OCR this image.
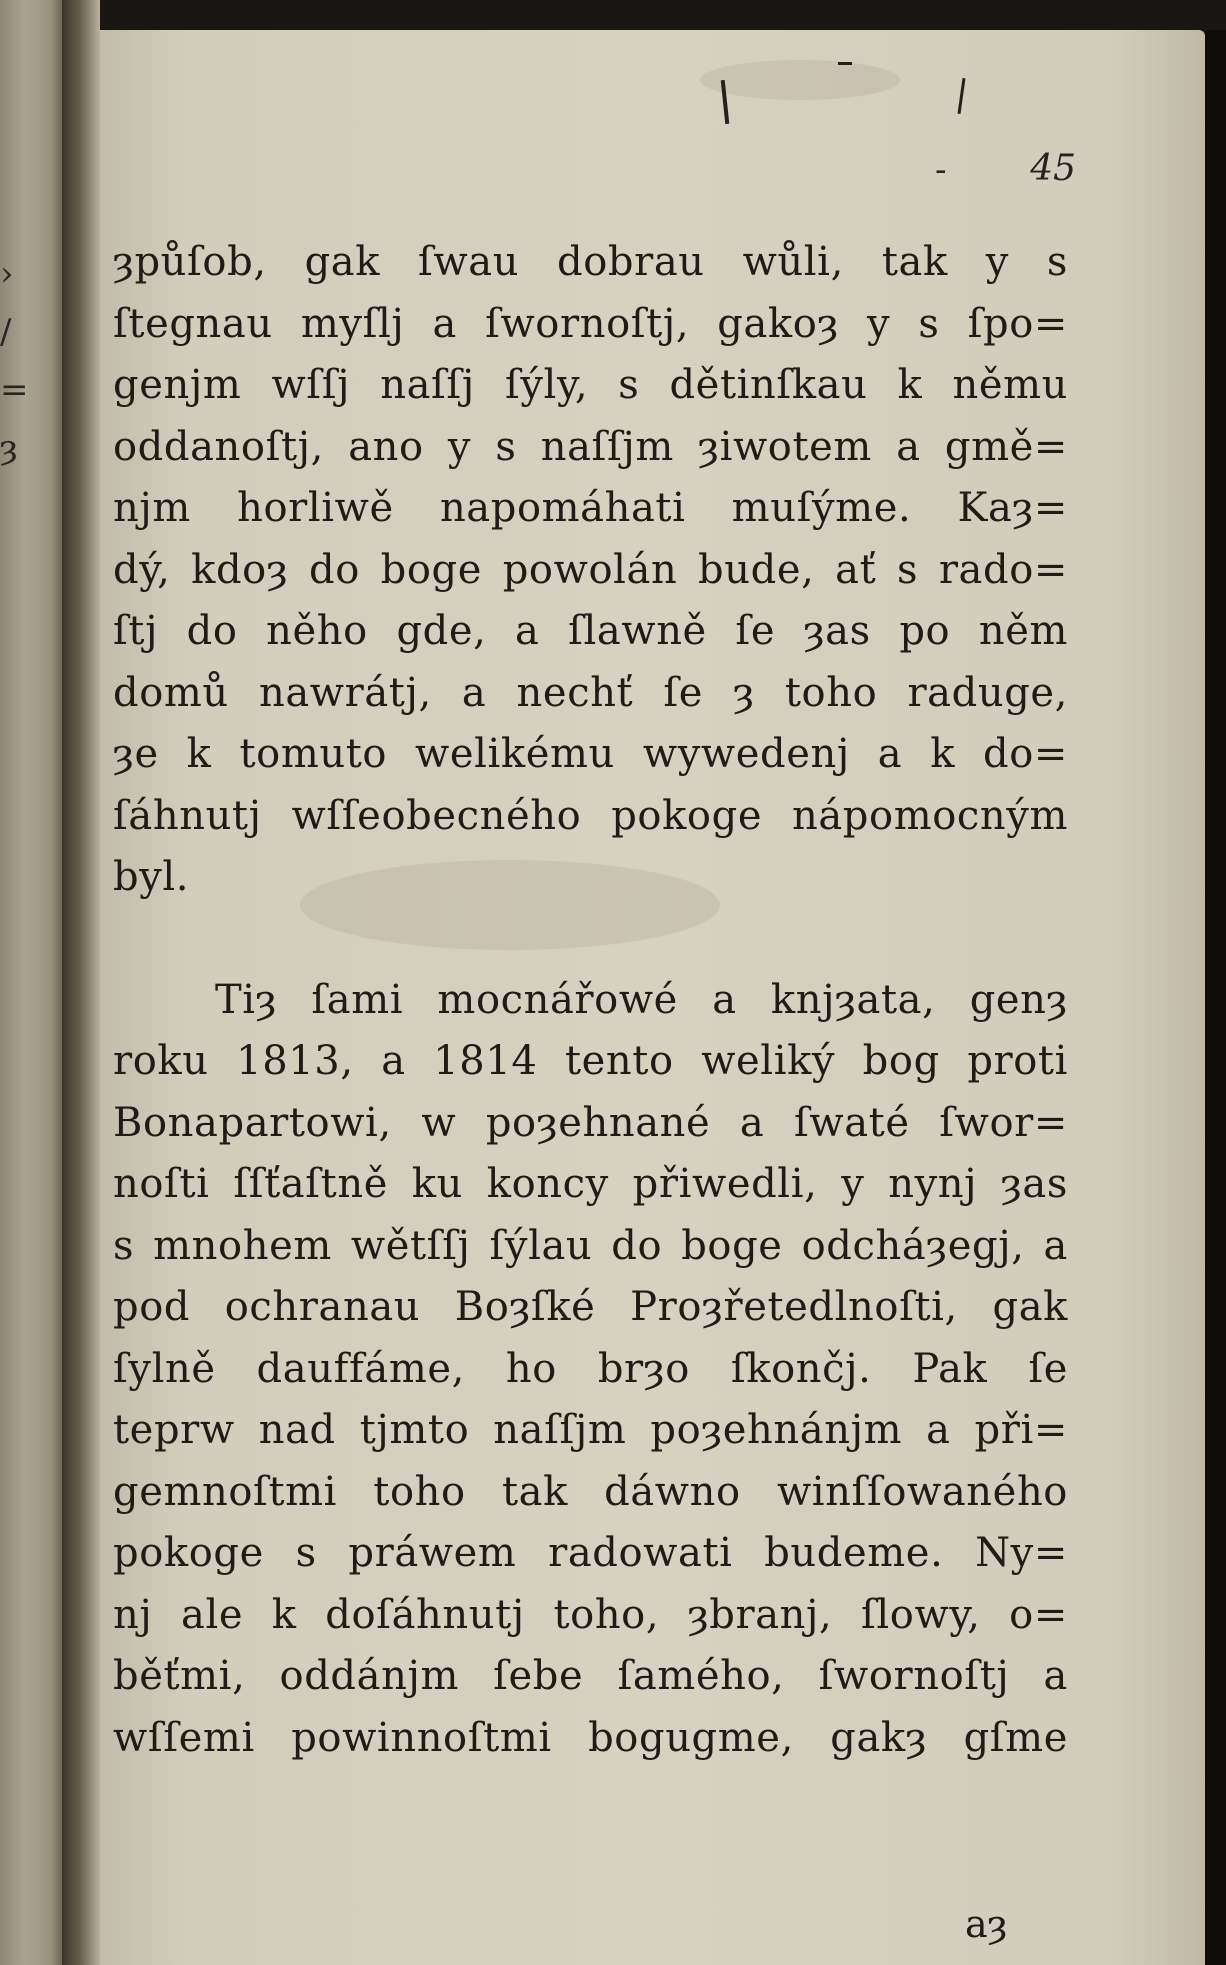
›
/
=
ȝ
- 45

ȝpůſob, gak ſwau dobrau wůli, tak y s
ſtegnau myſlj a ſwornoſtj, gakoȝ y s ſpo=
genjm wſſj naſſj ſýly, s dětinſkau k němu
oddanoſtj, ano y s naſſjm ȝiwotem a gmě=
njm horliwě napomáhati muſýme. Kaȝ=
dý, kdoȝ do boge powolán bude, ať s rado=
ſtj do něho gde, a ſlawně ſe ȝas po něm
domů nawrátj, a nechť ſe ȝ toho raduge,
ȝe k tomuto welikému wywedenj a k do=
ſáhnutj wſſeobecného pokoge nápomocným
byl.

Tiȝ ſami mocnářowé a knjȝata, genȝ
roku 1813, a 1814 tento weliký bog proti
Bonapartowi, w poȝehnané a ſwaté ſwor=
noſti ſſťaſtně ku koncy přiwedli, y nynj ȝas
s mnohem wětſſj ſýlau do boge odcháȝegj, a
pod ochranau Boȝſké Proȝřetedlnoſti, gak
ſylně dauffáme, ho brȝo ſkončj. Pak ſe
teprw nad tjmto naſſjm poȝehnánjm a při=
gemnoſtmi toho tak dáwno winſſowaného
pokoge s práwem radowati budeme. Ny=
nj ale k doſáhnutj toho, ȝbranj, ſlowy, o=
běťmi, oddánjm ſebe ſamého, ſwornoſtj a
wſſemi powinnoſtmi bogugme, gakȝ gſme

aȝ
